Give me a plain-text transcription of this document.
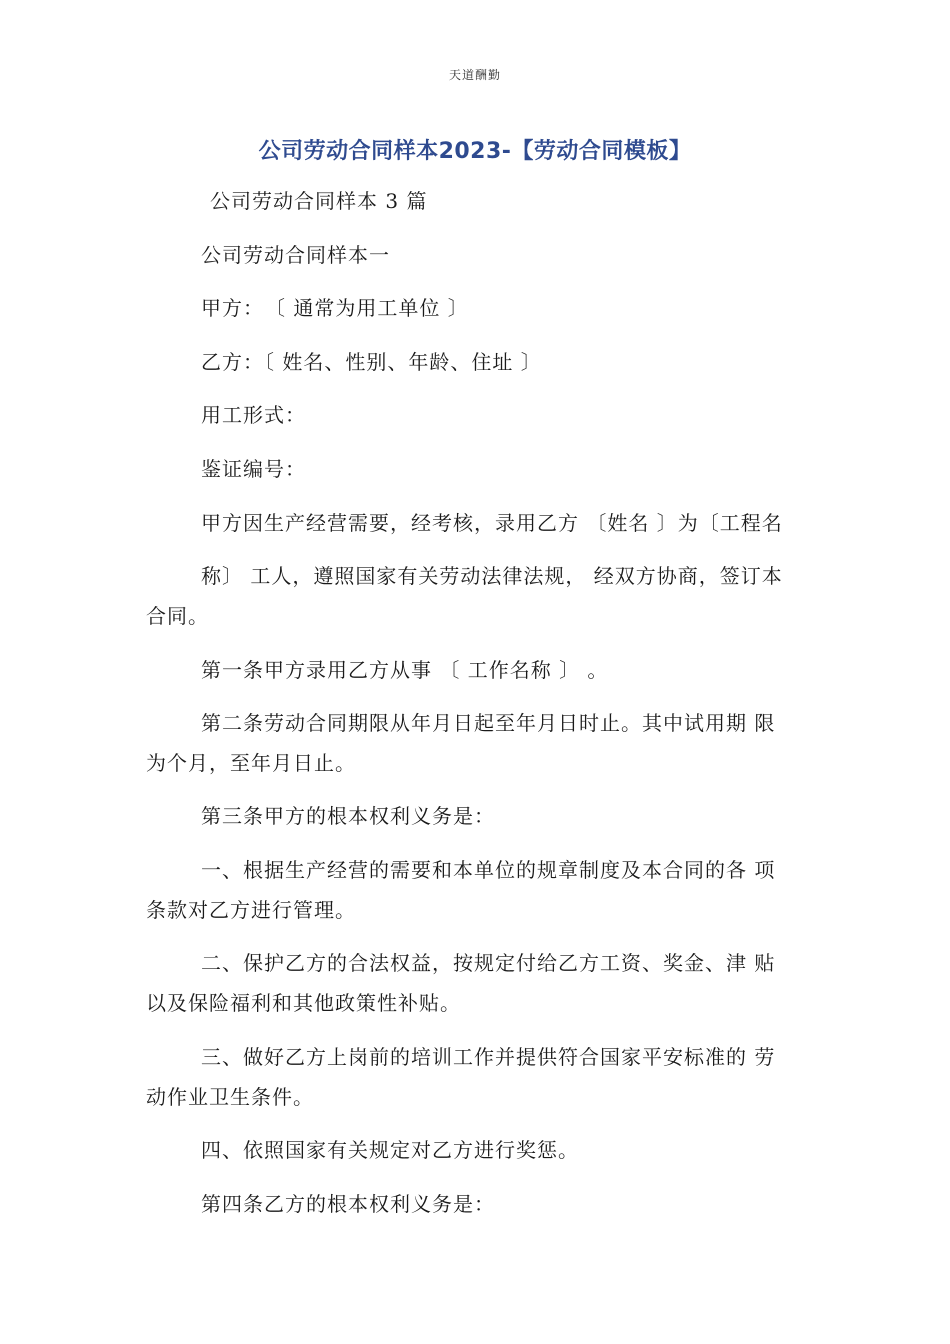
天道酬勤
公司劳动合同样本2023-【劳动合同模板】
公司劳动合同样本 3 篇
公司劳动合同样本一
甲方：　〔 通常为用工单位 〕
乙方：〔 姓名、性别、年龄、住址 〕
用工形式：
鉴证编号：
甲方因生产经营需要，经考核，录用乙方 〔姓名 〕为〔工程名
称〕 工人，遵照国家有关劳动法律法规， 经双方协商，签订本
合同。
第一条甲方录用乙方从事 〔 工作名称 〕 。
第二条劳动合同期限从年月日起至年月日时止。其中试用期 限
为个月，至年月日止。
第三条甲方的根本权利义务是：
一、根据生产经营的需要和本单位的规章制度及本合同的各 项
条款对乙方进行管理。
二、保护乙方的合法权益，按规定付给乙方工资、奖金、津 贴
以及保险福利和其他政策性补贴。
三、做好乙方上岗前的培训工作并提供符合国家平安标准的 劳
动作业卫生条件。
四、依照国家有关规定对乙方进行奖惩。
第四条乙方的根本权利义务是：
